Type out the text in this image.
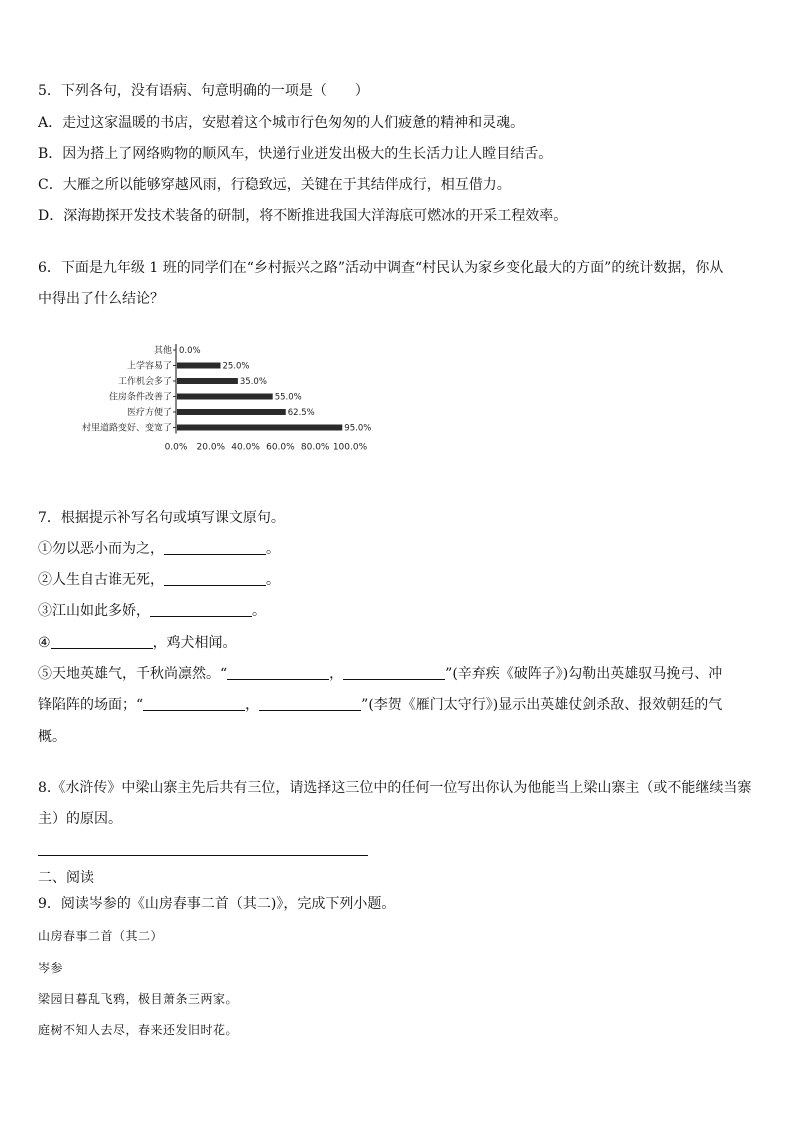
5．下列各句，没有语病、句意明确的一项是（　　）
A．走过这家温暖的书店，安慰着这个城市行色匆匆的人们疲惫的精神和灵魂。
B．因为搭上了网络购物的顺风车，快递行业迸发出极大的生长活力让人瞠目结舌。
C．大雁之所以能够穿越风雨，行稳致远，关键在于其结伴成行，相互借力。
D．深海勘探开发技术装备的研制，将不断推进我国大洋海底可燃冰的开采工程效率。
6．下面是九年级 1 班的同学们在“乡村振兴之路”活动中调查“村民认为家乡变化最大的方面”的统计数据，你从
中得出了什么结论？
其他 0.0%
上学容易了	25.0%
工作机会多了	35.0%
住房条件改善了	55.0%
医疗方便了	62.5%
村里道路变好、变宽了	95.0%
0.0% 20.0% 40.0% 60.0% 80.0% 100.0%
7．根据提示补写名句或填写课文原句。
①勿以恶小而为之，	。
②人生自古谁无死，	。
③江山如此多娇，	。
④	，鸡犬相闻。
⑤天地英雄气，千秋尚凛然。“	，	”(辛弃疾《破阵子》)勾勒出英雄驭马挽弓、冲
锋陷阵的场面；“	，	”(李贺《雁门太守行》)显示出英雄仗剑杀敌、报效朝廷的气
概。
8.《水浒传》中梁山寨主先后共有三位，请选择这三位中的任何一位写出你认为他能当上梁山寨主（或不能继续当寨
主）的原因。
二、阅读
9．阅读岑参的《山房春事二首（其二)》，完成下列小题。
山房春事二首（其二）
岑参
梁园日暮乱飞鸦，极目萧条三两家。
庭树不知人去尽，春来还发旧时花。
